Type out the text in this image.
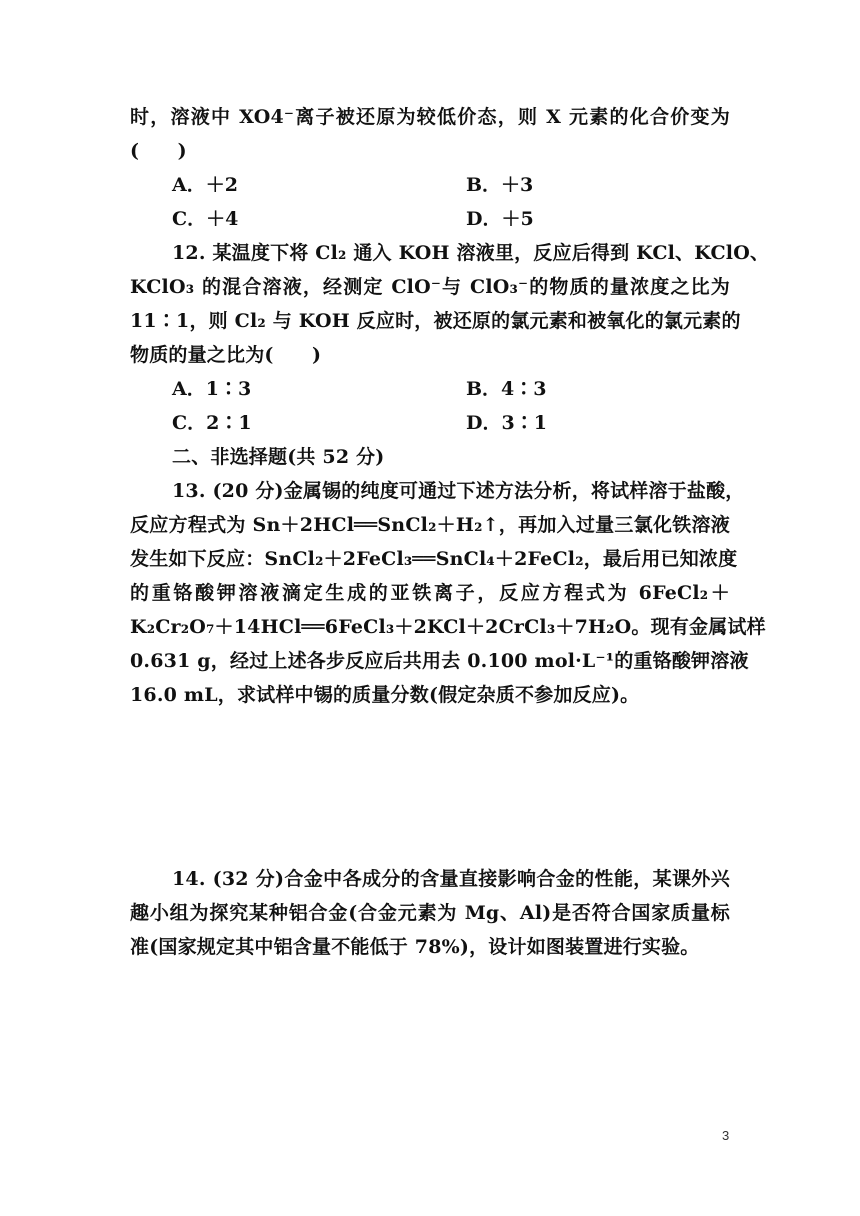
时，溶液中 XO4⁻离子被还原为较低价态，则 X 元素的化合价变为
(　　)
A．＋2	B．＋3
C．＋4	D．＋5
12. 某温度下将 Cl₂ 通入 KOH 溶液里，反应后得到 KCl、KClO、
KClO₃ 的混合溶液，经测定 ClO⁻与 ClO₃⁻的物质的量浓度之比为
11∶1，则 Cl₂ 与 KOH 反应时，被还原的氯元素和被氧化的氯元素的
物质的量之比为(　　)
A．1∶3	B．4∶3
C．2∶1	D．3∶1
二、非选择题(共 52 分)
13. (20 分)金属锡的纯度可通过下述方法分析，将试样溶于盐酸，
反应方程式为 Sn＋2HCl══SnCl₂＋H₂↑，再加入过量三氯化铁溶液
发生如下反应：SnCl₂＋2FeCl₃══SnCl₄＋2FeCl₂，最后用已知浓度
的重铬酸钾溶液滴定生成的亚铁离子，反应方程式为 6FeCl₂＋
K₂Cr₂O₇＋14HCl══6FeCl₃＋2KCl＋2CrCl₃＋7H₂O。现有金属试样
0.631 g，经过上述各步反应后共用去 0.100 mol·L⁻¹的重铬酸钾溶液
16.0 mL，求试样中锡的质量分数(假定杂质不参加反应)。
14. (32 分)合金中各成分的含量直接影响合金的性能，某课外兴
趣小组为探究某种铝合金(合金元素为 Mg、Al)是否符合国家质量标
准(国家规定其中铝含量不能低于 78%)，设计如图装置进行实验。
3
